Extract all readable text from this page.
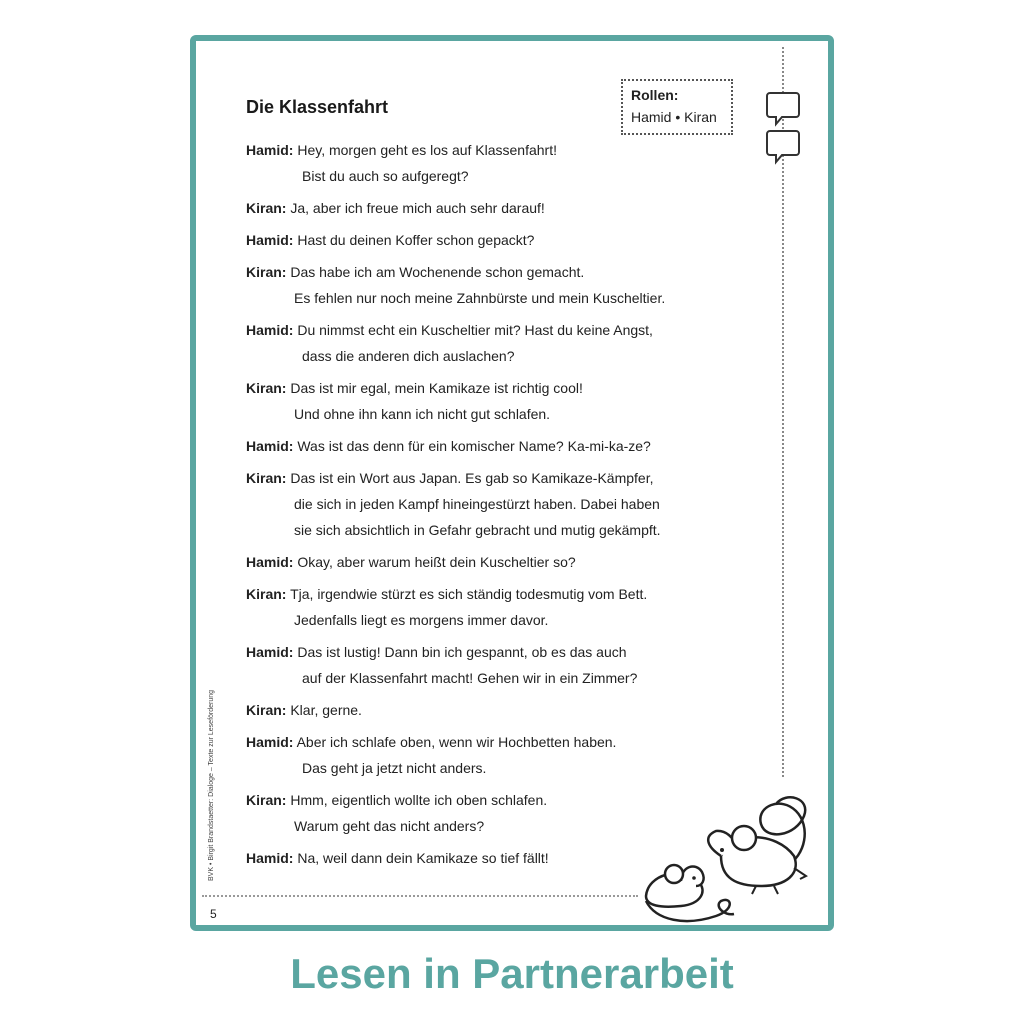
Die Klassenfahrt
Rollen:
Hamid • Kiran
Hamid: Hey, morgen geht es los auf Klassenfahrt!
Bist du auch so aufgeregt?
Kiran: Ja, aber ich freue mich auch sehr darauf!
Hamid: Hast du deinen Koffer schon gepackt?
Kiran: Das habe ich am Wochenende schon gemacht.
Es fehlen nur noch meine Zahnbürste und mein Kuscheltier.
Hamid: Du nimmst echt ein Kuscheltier mit? Hast du keine Angst,
dass die anderen dich auslachen?
Kiran: Das ist mir egal, mein Kamikaze ist richtig cool!
Und ohne ihn kann ich nicht gut schlafen.
Hamid: Was ist das denn für ein komischer Name? Ka-mi-ka-ze?
Kiran: Das ist ein Wort aus Japan. Es gab so Kamikaze-Kämpfer,
die sich in jeden Kampf hineingestürzt haben. Dabei haben
sie sich absichtlich in Gefahr gebracht und mutig gekämpft.
Hamid: Okay, aber warum heißt dein Kuscheltier so?
Kiran: Tja, irgendwie stürzt es sich ständig todesmutig vom Bett.
Jedenfalls liegt es morgens immer davor.
Hamid: Das ist lustig! Dann bin ich gespannt, ob es das auch
auf der Klassenfahrt macht! Gehen wir in ein Zimmer?
Kiran: Klar, gerne.
Hamid: Aber ich schlafe oben, wenn wir Hochbetten haben.
Das geht ja jetzt nicht anders.
Kiran: Hmm, eigentlich wollte ich oben schlafen.
Warum geht das nicht anders?
Hamid: Na, weil dann dein Kamikaze so tief fällt!
BVK • Birgit Brandstaetter: Dialoge – Texte zur Leseförderung
5
Lesen in Partnerarbeit
